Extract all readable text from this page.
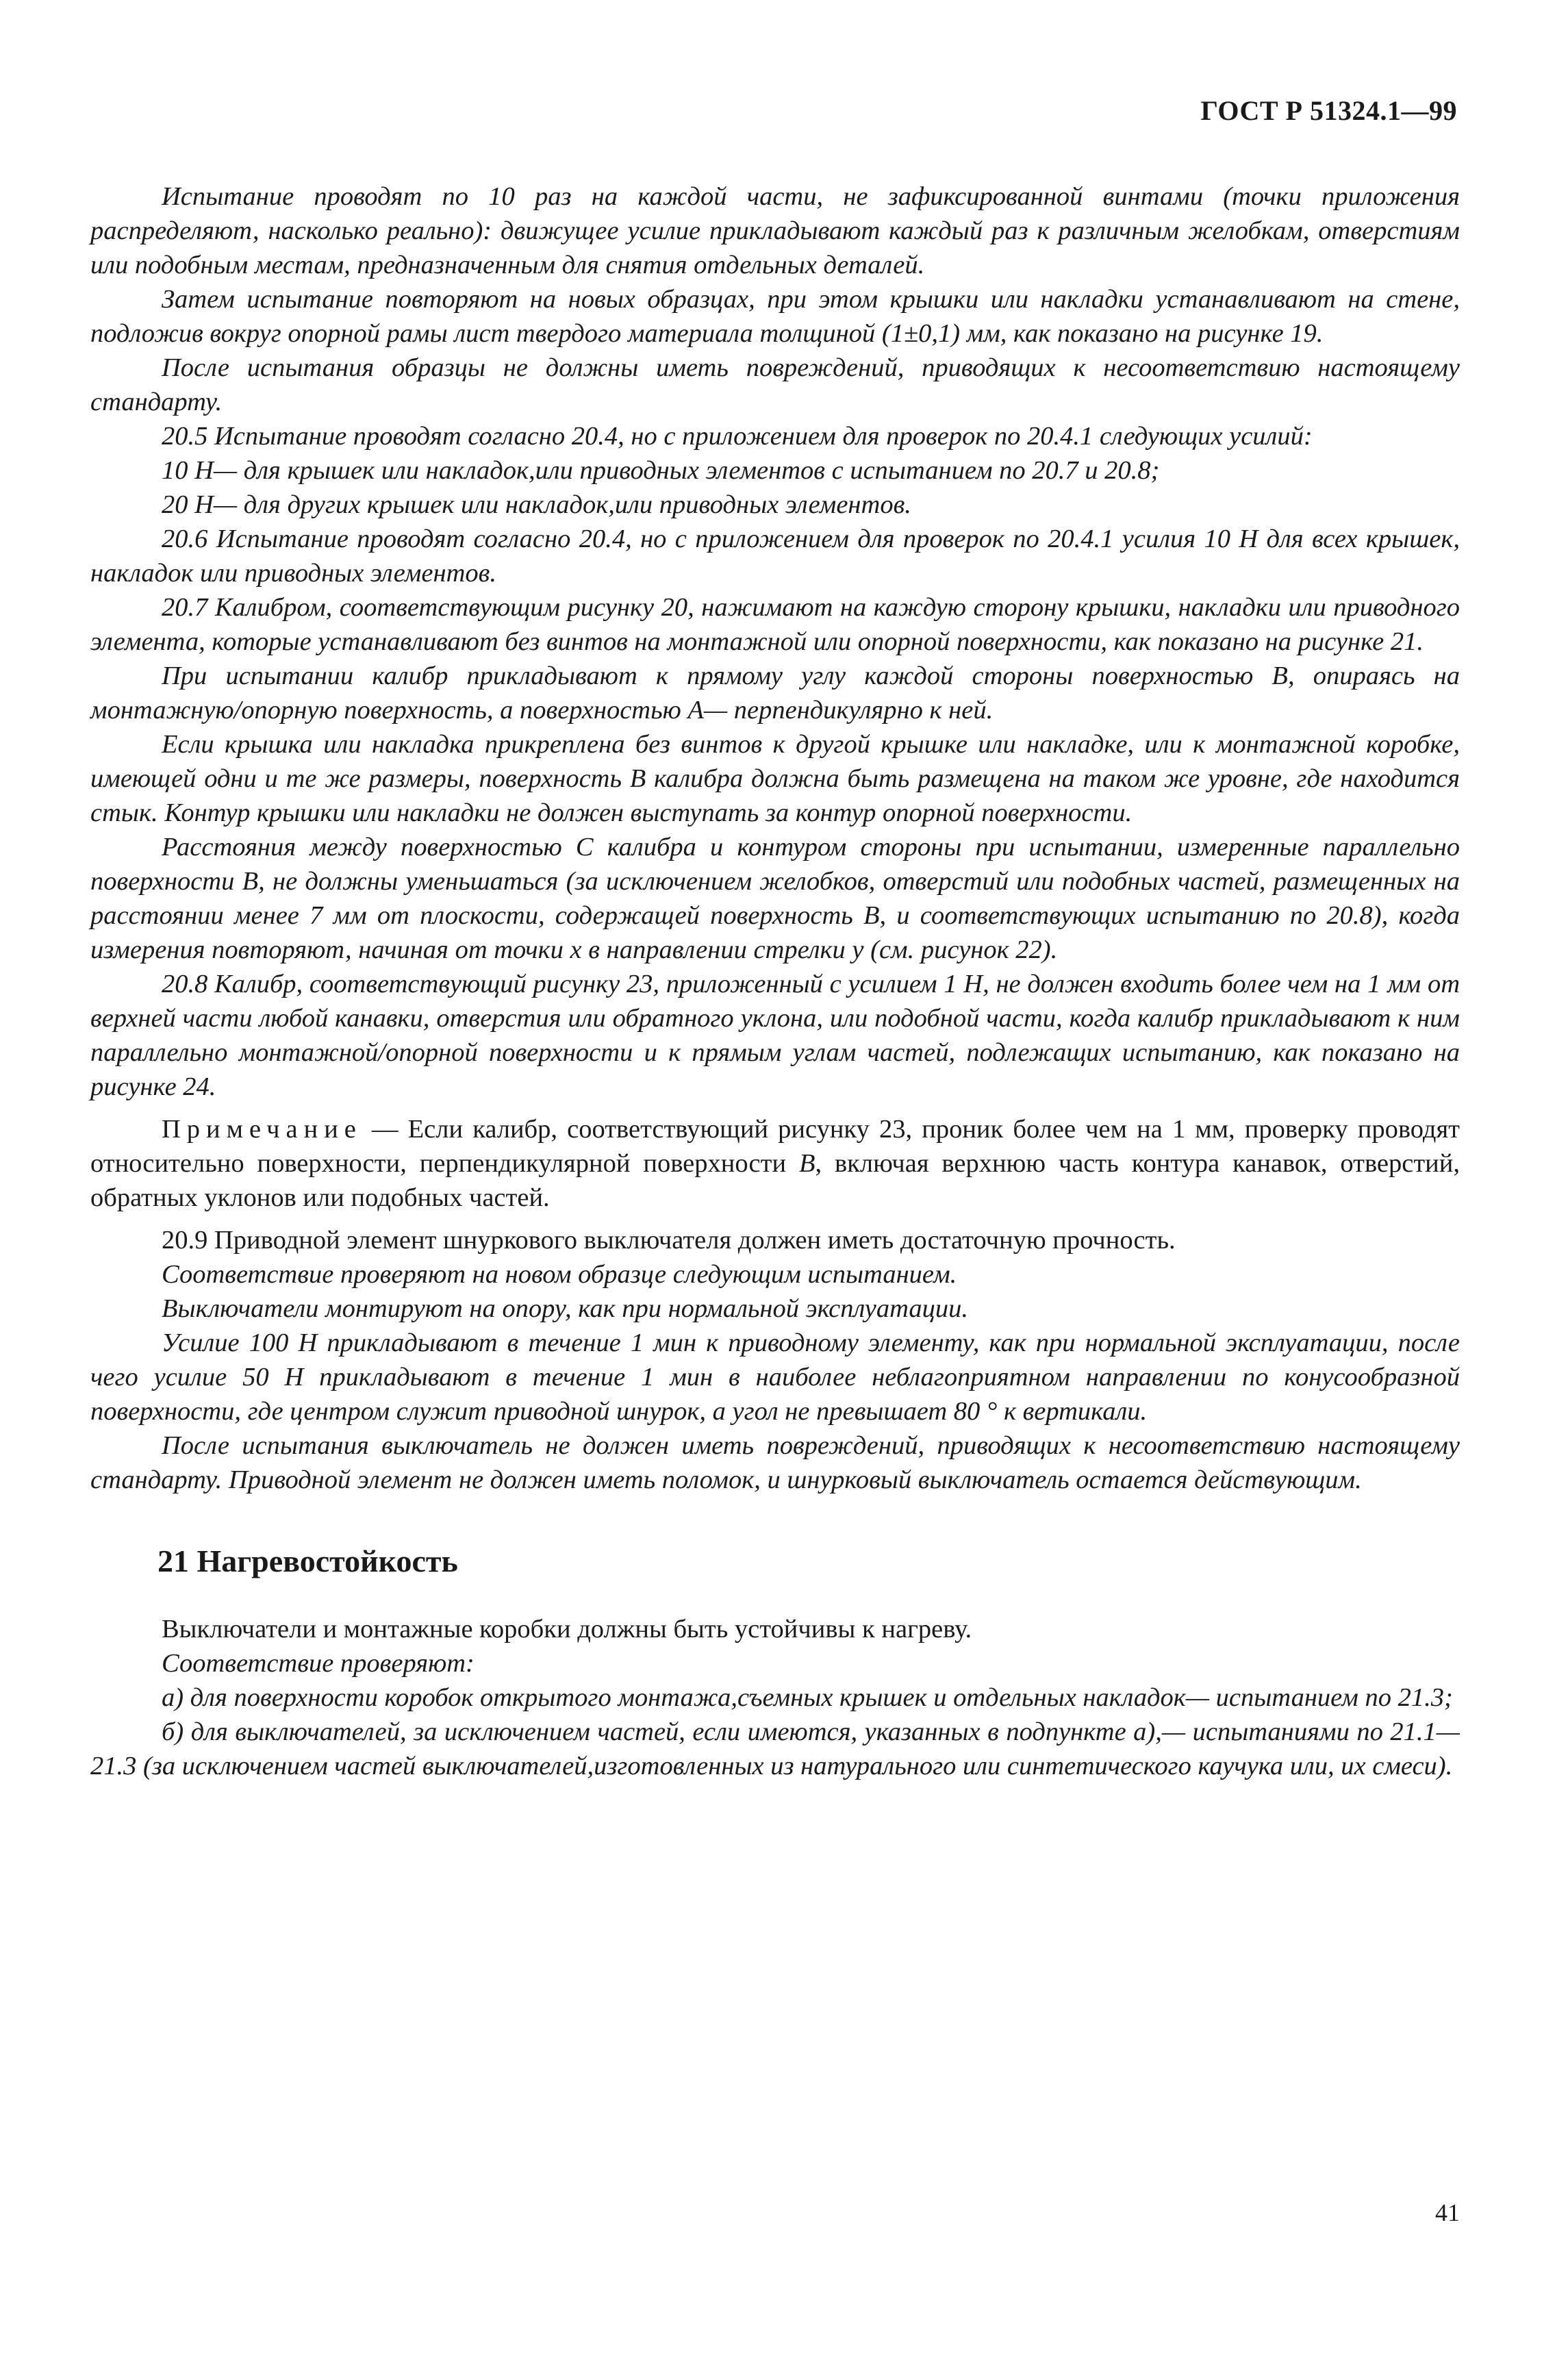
ГОСТ Р 51324.1—99

Испытание проводят по 10 раз на каждой части, не зафиксированной винтами (точки приложения распределяют, насколько реально): движущее усилие прикладывают каждый раз к различным желобкам, отверстиям или подобным местам, предназначенным для снятия отдельных деталей.

Затем испытание повторяют на новых образцах, при этом крышки или накладки устанавливают на стене, подложив вокруг опорной рамы лист твердого материала толщиной (1±0,1) мм, как показано на рисунке 19.

После испытания образцы не должны иметь повреждений, приводящих к несоответствию настоящему стандарту.

20.5 Испытание проводят согласно 20.4, но с приложением для проверок по 20.4.1 следующих усилий:

10 Н— для крышек или накладок,или приводных элементов с испытанием по 20.7 и 20.8;

20 Н— для других крышек или накладок,или приводных элементов.

20.6 Испытание проводят согласно 20.4, но с приложением для проверок по 20.4.1 усилия 10 Н для всех крышек, накладок или приводных элементов.

20.7 Калибром, соответствующим рисунку 20, нажимают на каждую сторону крышки, накладки или приводного элемента, которые устанавливают без винтов на монтажной или опорной поверхности, как показано на рисунке 21.

При испытании калибр прикладывают к прямому углу каждой стороны поверхностью В, опираясь на монтажную/опорную поверхность, а поверхностью А— перпендикулярно к ней.

Если крышка или накладка прикреплена без винтов к другой крышке или накладке, или к монтажной коробке, имеющей одни и те же размеры, поверхность В калибра должна быть размещена на таком же уровне, где находится стык. Контур крышки или накладки не должен выступать за контур опорной поверхности.

Расстояния между поверхностью С калибра и контуром стороны при испытании, измеренные параллельно поверхности В, не должны уменьшаться (за исключением желобков, отверстий или подобных частей, размещенных на расстоянии менее 7 мм от плоскости, содержащей поверхность В, и соответствующих испытанию по 20.8), когда измерения повторяют, начиная от точки х в направлении стрелки у (см. рисунок 22).

20.8 Калибр, соответствующий рисунку 23, приложенный с усилием 1 Н, не должен входить более чем на 1 мм от верхней части любой канавки, отверстия или обратного уклона, или подобной части, когда калибр прикладывают к ним параллельно монтажной/опорной поверхности и к прямым углам частей, подлежащих испытанию, как показано на рисунке 24.

Примечание — Если калибр, соответствующий рисунку 23, проник более чем на 1 мм, проверку проводят относительно поверхности, перпендикулярной поверхности В, включая верхнюю часть контура канавок, отверстий, обратных уклонов или подобных частей.

20.9 Приводной элемент шнуркового выключателя должен иметь достаточную прочность.

Соответствие проверяют на новом образце следующим испытанием.

Выключатели монтируют на опору, как при нормальной эксплуатации.

Усилие 100 Н прикладывают в течение 1 мин к приводному элементу, как при нормальной эксплуатации, после чего усилие 50 Н прикладывают в течение 1 мин в наиболее неблагоприятном направлении по конусообразной поверхности, где центром служит приводной шнурок, а угол не превышает 80 ° к вертикали.

После испытания выключатель не должен иметь повреждений, приводящих к несоответствию настоящему стандарту. Приводной элемент не должен иметь поломок, и шнурковый выключатель остается действующим.

21 Нагревостойкость

Выключатели и монтажные коробки должны быть устойчивы к нагреву.

Соответствие проверяют:

а) для поверхности коробок открытого монтажа,съемных крышек и отдельных накладок— испытанием по 21.3;

б) для выключателей, за исключением частей, если имеются, указанных в подпункте а),— испытаниями по 21.1— 21.3 (за исключением частей выключателей,изготовленных из натурального или синтетического каучука или, их смеси).

41
